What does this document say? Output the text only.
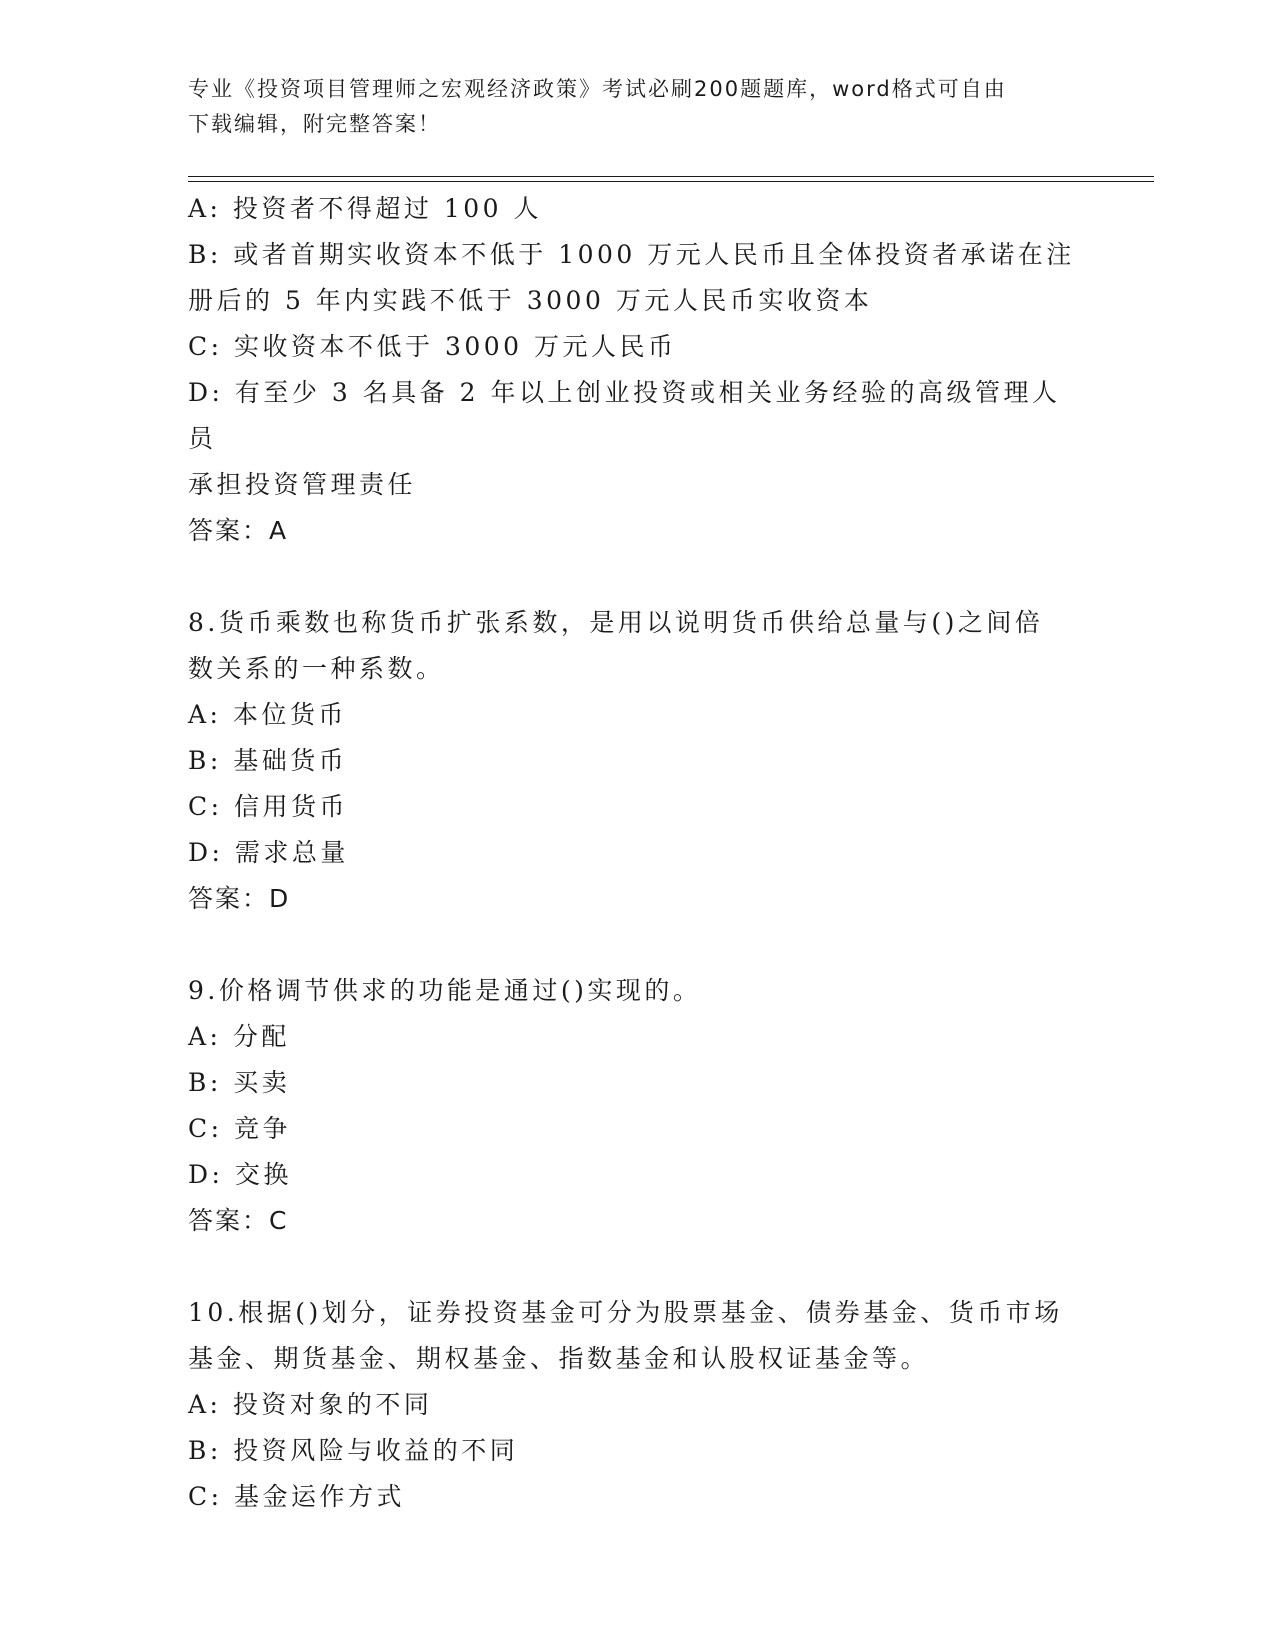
专业《投资项目管理师之宏观经济政策》考试必刷200题题库，word格式可自由
下载编辑，附完整答案！
A: 投资者不得超过 100 人
B: 或者首期实收资本不低于 1000 万元人民币且全体投资者承诺在注
册后的 5 年内实践不低于 3000 万元人民币实收资本
C: 实收资本不低于 3000 万元人民币
D: 有至少 3 名具备 2 年以上创业投资或相关业务经验的高级管理人员
承担投资管理责任
答案：A
8.货币乘数也称货币扩张系数，是用以说明货币供给总量与()之间倍
数关系的一种系数。
A: 本位货币
B: 基础货币
C: 信用货币
D: 需求总量
答案：D
9.价格调节供求的功能是通过()实现的。
A: 分配
B: 买卖
C: 竞争
D: 交换
答案：C
10.根据()划分，证券投资基金可分为股票基金、债券基金、货币市场
基金、期货基金、期权基金、指数基金和认股权证基金等。
A: 投资对象的不同
B: 投资风险与收益的不同
C: 基金运作方式
